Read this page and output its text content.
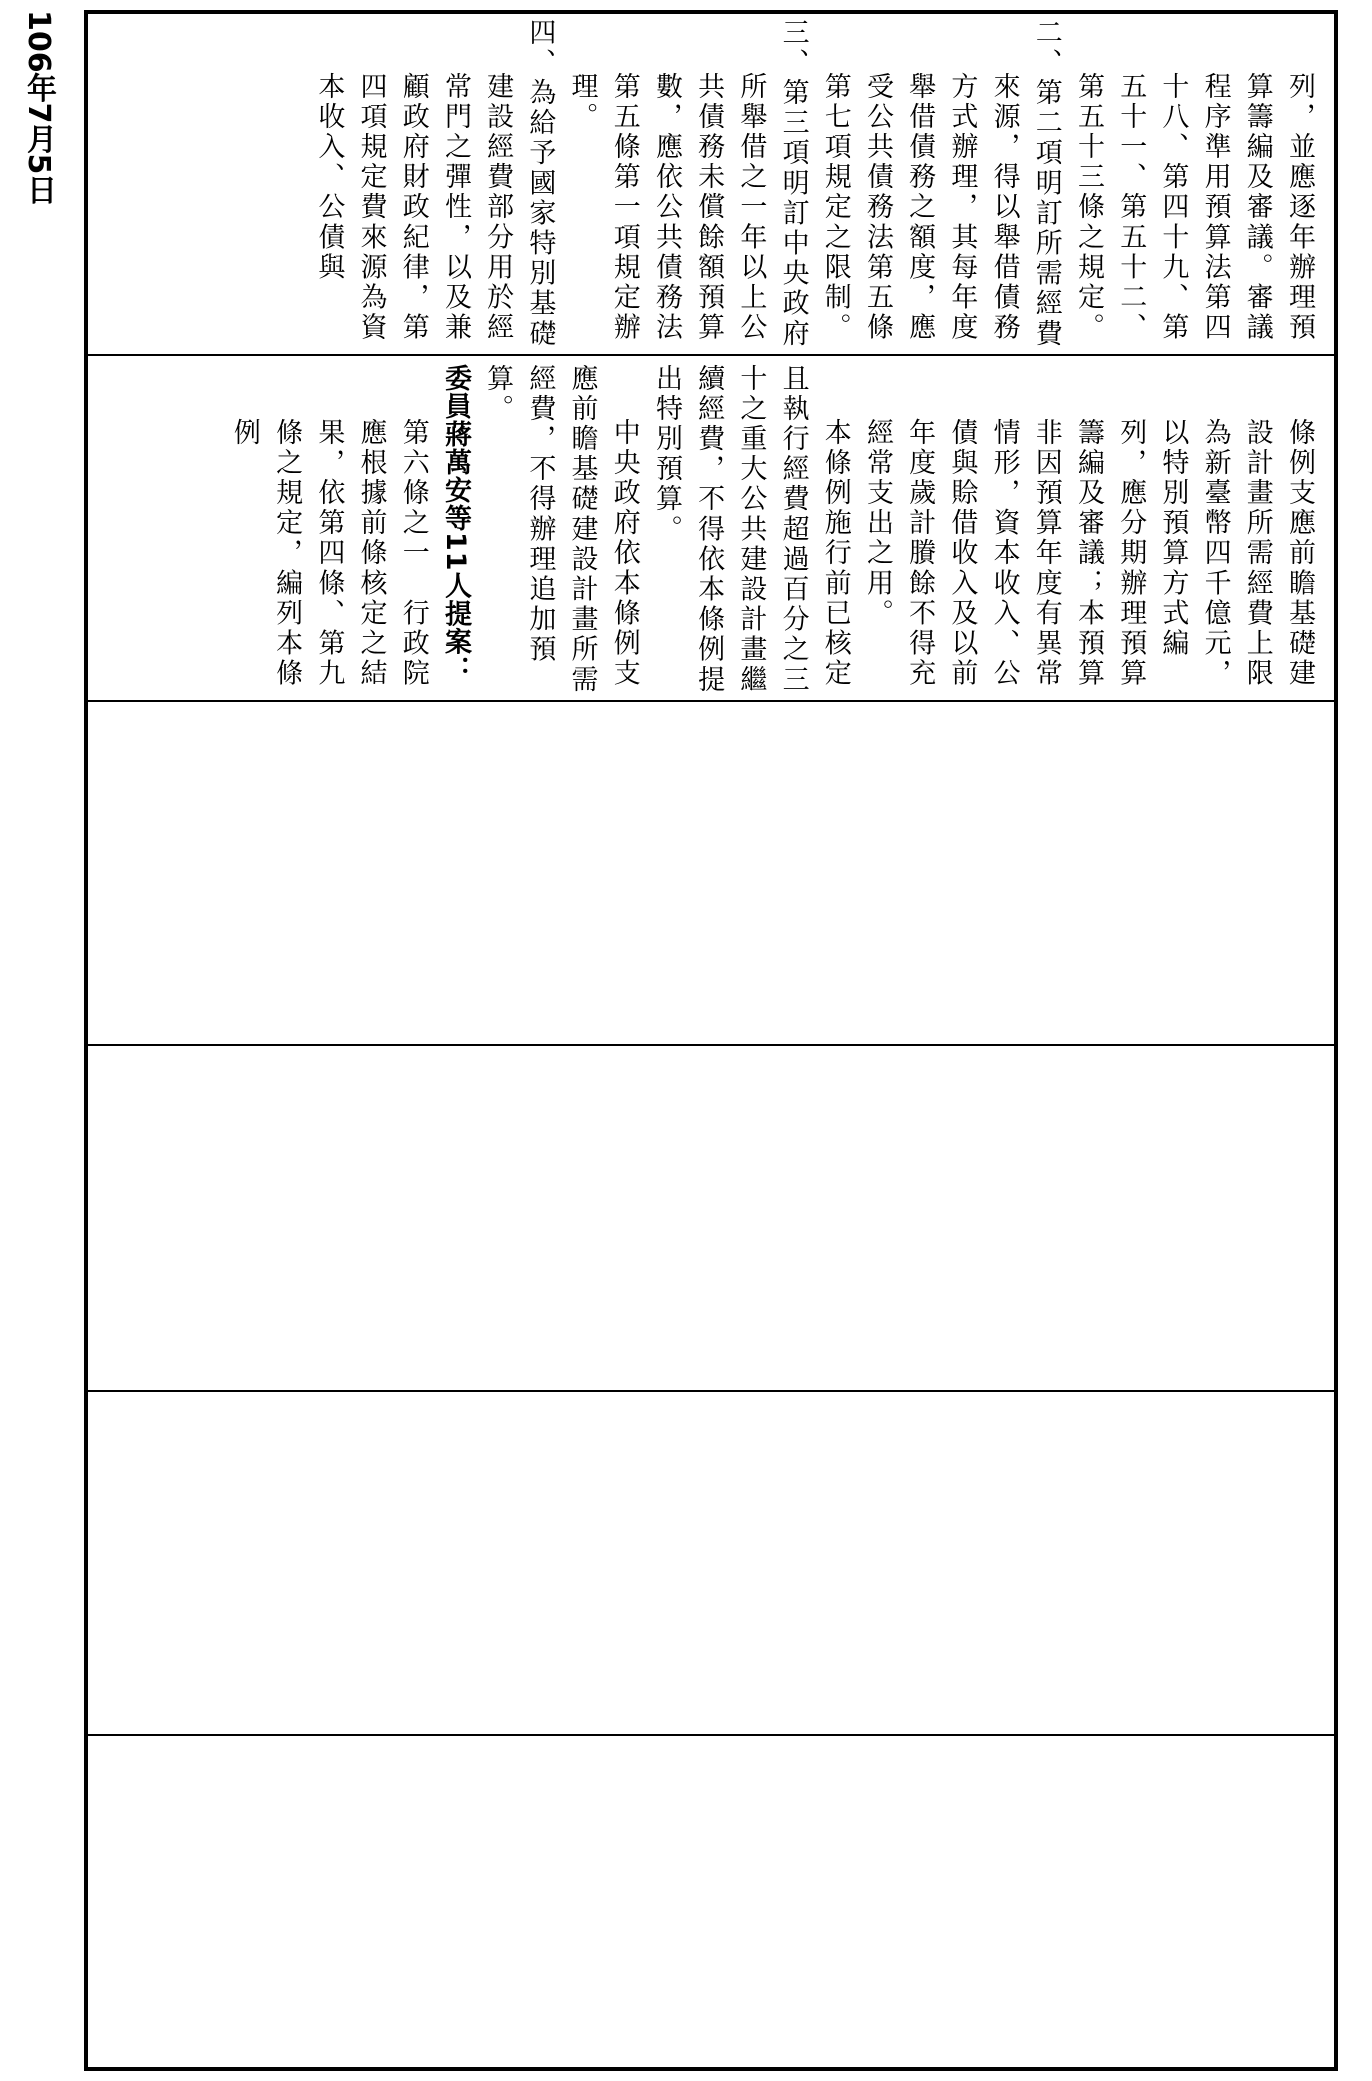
106年7月5日	列，並應逐年辦理預算籌編及審議。審議程序準用預算法第四十八、第四十九、第五十一、第五十二、第五十三條之規定。

二、第二項明訂所需經費來源，得以舉借債務方式辦理，其每年度舉借債務之額度，應受公共債務法第五條第七項規定之限制。

三、第三項明訂中央政府所舉借之一年以上公共債務未償餘額預算數，應依公共債務法第五條第一項規定辦理。

四、為給予國家特別基礎建設經費部分用於經常門之彈性，以及兼顧政府財政紀律，第四項規定費來源為資本收入、公債與

條例支應前瞻基礎建設計畫所需經費上限為新臺幣四千億元，以特別預算方式編列，應分期辦理預算籌編及審議；本預算非因預算年度有異常情形，資本收入、公債與賒借收入及以前年度歲計賸餘不得充經常支出之用。

本條例施行前已核定且執行經費超過百分之三十之重大公共建設計畫繼續經費，不得依本條例提出特別預算。

中央政府依本條例支應前瞻基礎建設計畫所需經費，不得辦理追加預算。

委員蔣萬安等11人提案：

第六條之一　行政院應根據前條核定之結果，依第四條、第九條之規定，編列本條例
